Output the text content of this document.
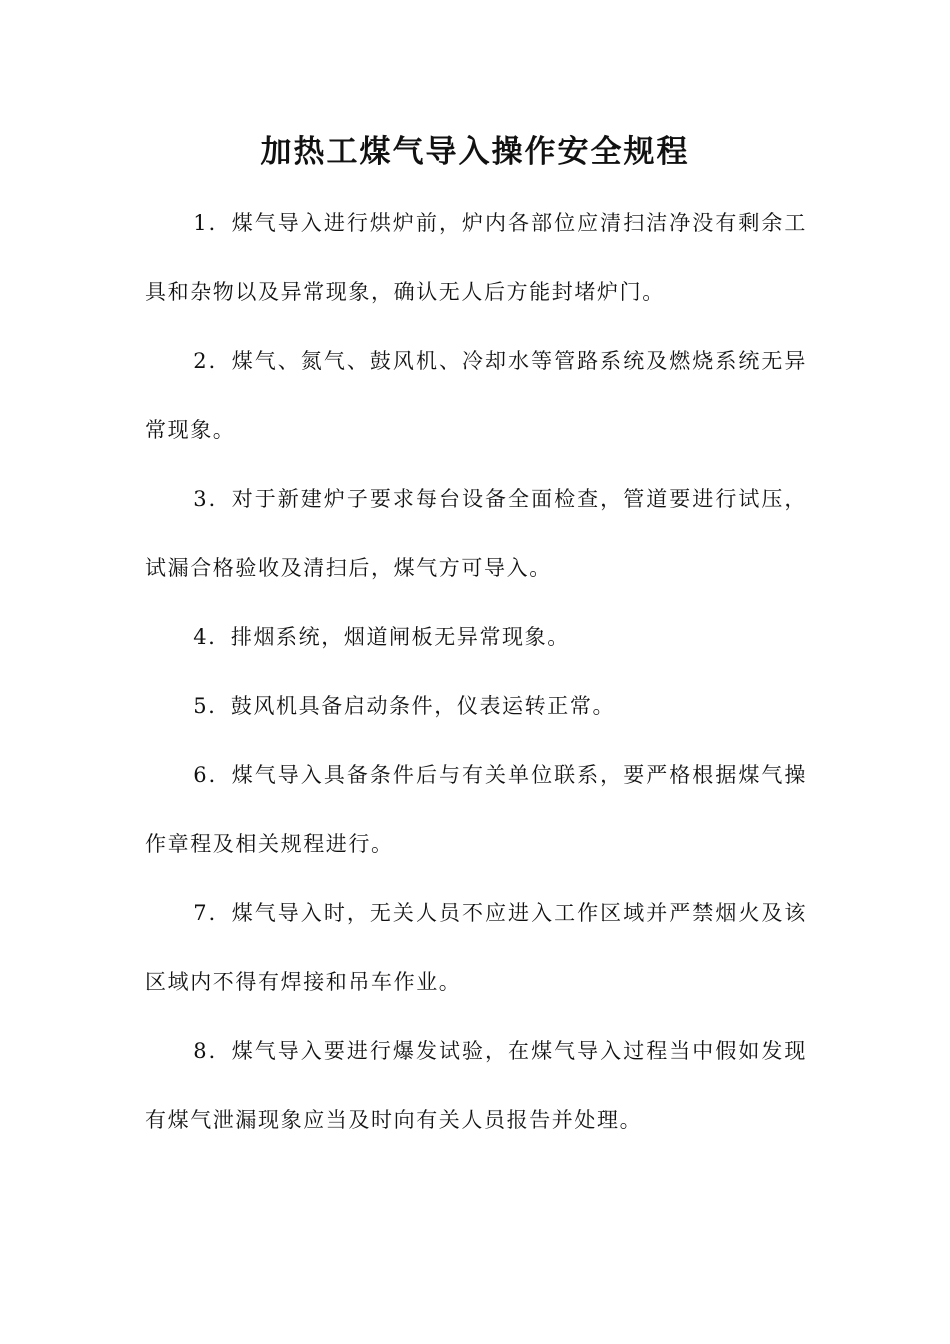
加热工煤气导入操作安全规程

1．煤气导入进行烘炉前，炉内各部位应清扫洁净没有剩余工具和杂物以及异常现象，确认无人后方能封堵炉门。

2．煤气、氮气、鼓风机、冷却水等管路系统及燃烧系统无异常现象。

3．对于新建炉子要求每台设备全面检查，管道要进行试压，试漏合格验收及清扫后，煤气方可导入。

4．排烟系统，烟道闸板无异常现象。

5．鼓风机具备启动条件，仪表运转正常。

6．煤气导入具备条件后与有关单位联系，要严格根据煤气操作章程及相关规程进行。

7．煤气导入时，无关人员不应进入工作区域并严禁烟火及该区域内不得有焊接和吊车作业。

8．煤气导入要进行爆发试验，在煤气导入过程当中假如发现有煤气泄漏现象应当及时向有关人员报告并处理。
